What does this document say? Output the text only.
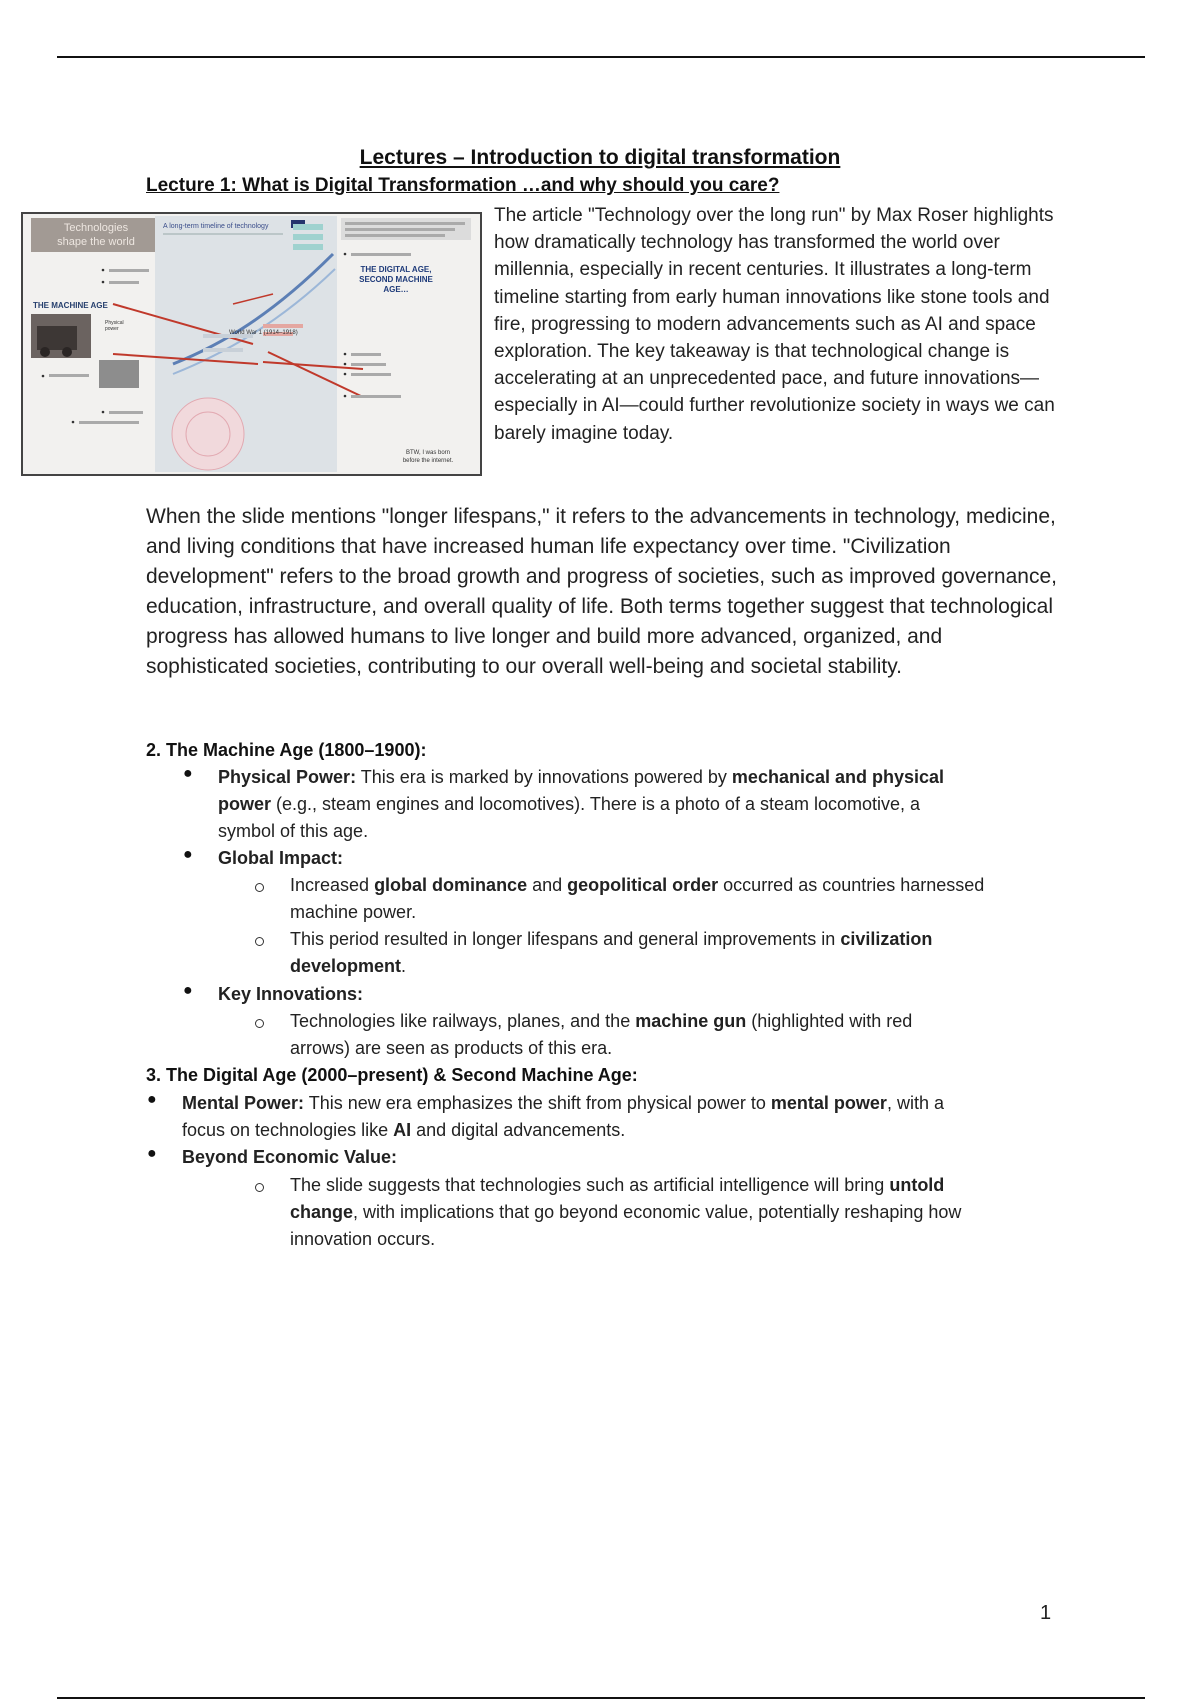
Lectures – Introduction to digital transformation
Lecture 1: What is Digital Transformation …and why should you care?
Technologies
shape the world
A long-term timeline of technology
THE MACHINE AGE
Physical
power
World War 1 (1914–1918)
THE DIGITAL AGE,
SECOND MACHINE
AGE…
BTW, I was born
before the internet.
The article "Technology over the long run" by Max Roser highlights how dramatically technology has transformed the world over millennia, especially in recent centuries. It illustrates a long-term timeline starting from early human innovations like stone tools and fire, progressing to modern advancements such as AI and space exploration. The key takeaway is that technological change is accelerating at an unprecedented pace, and future innovations—especially in AI—could further revolutionize society in ways we can barely imagine today.
When the slide mentions "longer lifespans," it refers to the advancements in technology, medicine, and living conditions that have increased human life expectancy over time. "Civilization development" refers to the broad growth and progress of societies, such as improved governance, education, infrastructure, and overall quality of life. Both terms together suggest that technological progress has allowed humans to live longer and build more advanced, organized, and sophisticated societies, contributing to our overall well-being and societal stability.
2. The Machine Age (1800–1900):
● Physical Power: This era is marked by innovations powered by mechanical and physical
power (e.g., steam engines and locomotives). There is a photo of a steam locomotive, a
symbol of this age.
● Global Impact:
Increased global dominance and geopolitical order occurred as countries harnessed
machine power.
This period resulted in longer lifespans and general improvements in civilization
development.
● Key Innovations:
Technologies like railways, planes, and the machine gun (highlighted with red
arrows) are seen as products of this era.
3. The Digital Age (2000–present) & Second Machine Age:
● Mental Power: This new era emphasizes the shift from physical power to mental power, with a
focus on technologies like AI and digital advancements.
● Beyond Economic Value:
The slide suggests that technologies such as artificial intelligence will bring untold
change, with implications that go beyond economic value, potentially reshaping how
innovation occurs.
1
